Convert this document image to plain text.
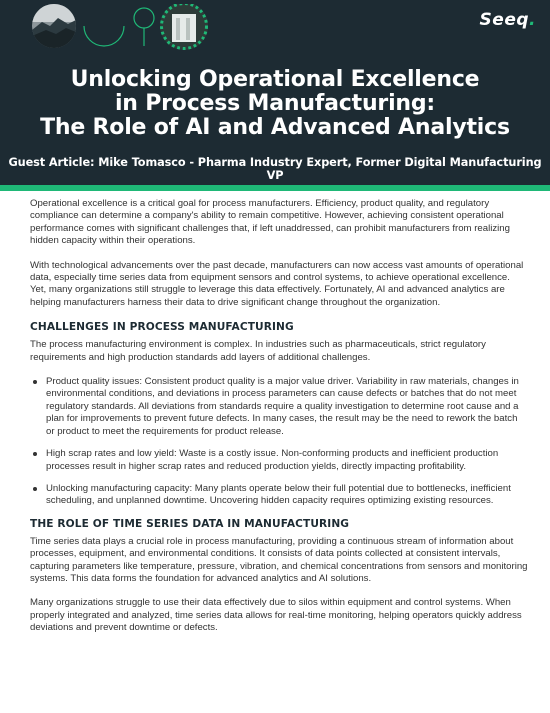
Seeq.
Unlocking Operational Excellence
in Process Manufacturing:
The Role of AI and Advanced Analytics
Guest Article: Mike Tomasco - Pharma Industry Expert, Former Digital Manufacturing VP

Operational excellence is a critical goal for process manufacturers. Efficiency, product quality, and regulatory compliance can determine a company's ability to remain competitive. However, achieving consistent operational performance comes with significant challenges that, if left unaddressed, can prohibit manufacturers from realizing hidden capacity within their operations.

With technological advancements over the past decade, manufacturers can now access vast amounts of operational data, especially time series data from equipment sensors and control systems, to achieve operational excellence. Yet, many organizations still struggle to leverage this data effectively. Fortunately, AI and advanced analytics are helping manufacturers harness their data to drive significant change throughout the organization.

CHALLENGES IN PROCESS MANUFACTURING

The process manufacturing environment is complex. In industries such as pharmaceuticals, strict regulatory requirements and high production standards add layers of additional challenges.

Product quality issues: Consistent product quality is a major value driver. Variability in raw materials, changes in environmental conditions, and deviations in process parameters can cause defects or batches that do not meet regulatory standards. All deviations from standards require a quality investigation to determine root cause and a plan for improvements to prevent future defects. In many cases, the result may be the need to rework the batch or product to meet the requirements for product release.
High scrap rates and low yield: Waste is a costly issue. Non-conforming products and inefficient production processes result in higher scrap rates and reduced production yields, directly impacting profitability.
Unlocking manufacturing capacity: Many plants operate below their full potential due to bottlenecks, inefficient scheduling, and unplanned downtime. Uncovering hidden capacity requires optimizing existing resources.
THE ROLE OF TIME SERIES DATA IN MANUFACTURING

Time series data plays a crucial role in process manufacturing, providing a continuous stream of information about processes, equipment, and environmental conditions. It consists of data points collected at consistent intervals, capturing parameters like temperature, pressure, vibration, and chemical concentrations from sensors and monitoring systems. This data forms the foundation for advanced analytics and AI solutions.

Many organizations struggle to use their data effectively due to silos within equipment and control systems. When properly integrated and analyzed, time series data allows for real-time monitoring, helping operators quickly address deviations and prevent downtime or defects.
